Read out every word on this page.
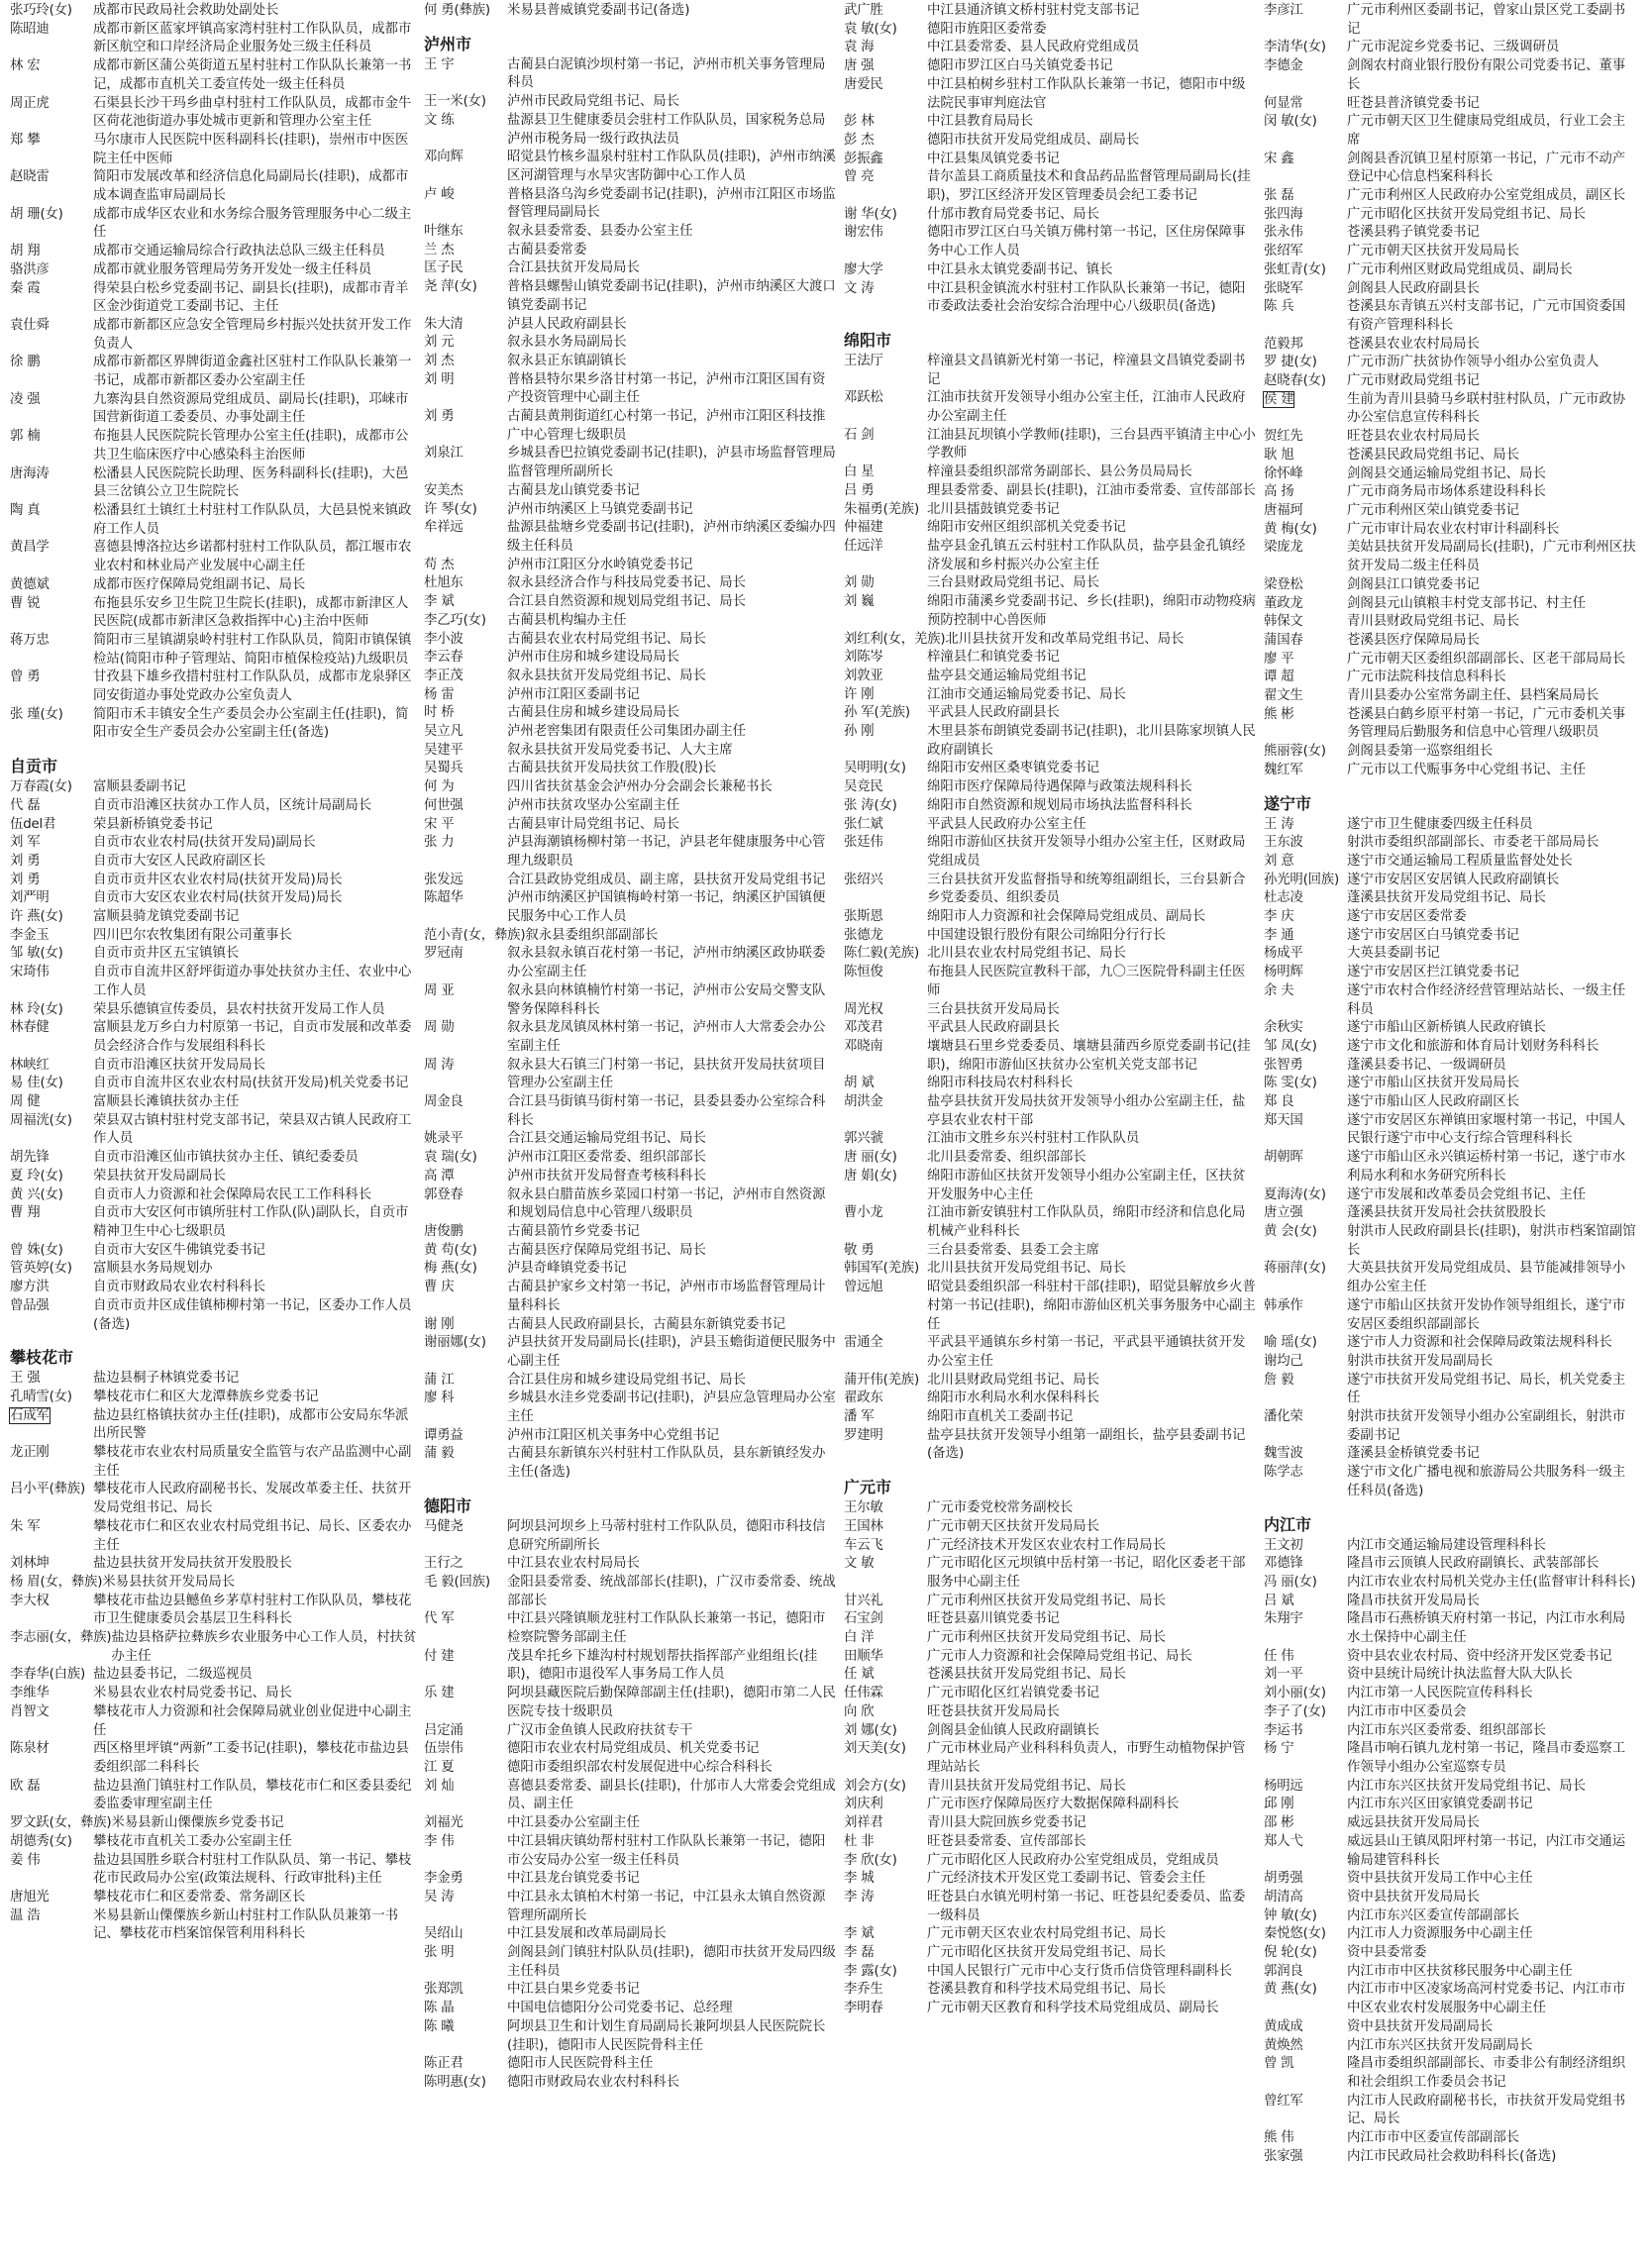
张巧玲(女)	成都市民政局社会救助处副处长
陈昭迪	成都市新区蓝家坪镇高家湾村驻村工作队队员，成都市新区航空和口岸经济局企业服务处三级主任科员
林 宏	成都市新区蒲公英街道五星村驻村工作队队长兼第一书记，成都市直机关工委宣传处一级主任科员
周正虎	石渠县长沙干玛乡曲卓村驻村工作队队员，成都市金牛区荷花池街道办事处城市更新和管理办公室主任
郑 攀	马尔康市人民医院中医科副科长(挂职)，崇州市中医医院主任中医师
赵晓雷	简阳市发展改革和经济信息化局副局长(挂职)，成都市成本调查监审局副局长
胡 珊(女)	成都市成华区农业和水务综合服务管理服务中心二级主任
胡 翔	成都市交通运输局综合行政执法总队三级主任科员
骆洪彦	成都市就业服务管理局劳务开发处一级主任科员
秦 霞	得荣县白松乡党委副书记、副县长(挂职)，成都市青羊区金沙街道党工委副书记、主任
袁仕舜	成都市新都区应急安全管理局乡村振兴处扶贫开发工作负责人
徐 鹏	成都市新都区界牌街道金鑫社区驻村工作队队长兼第一书记，成都市新都区委办公室副主任
凌 强	九寨沟县自然资源局党组成员、副局长(挂职)，邛崃市国营新街道工委委员、办事处副主任
郭 楠	布拖县人民医院院长管理办公室主任(挂职)，成都市公共卫生临床医疗中心感染科主治医师
唐海涛	松潘县人民医院院长助理、医务科副科长(挂职)，大邑县三岔镇公立卫生院院长
陶 真	松潘县红土镇红土村驻村工作队队员，大邑县悦来镇政府工作人员
黄昌学	喜德县博洛拉达乡诺都村驻村工作队队员，都江堰市农业农村和林业局产业发展中心副主任
黄德斌	成都市医疗保障局党组副书记、局长
曹 锐	布拖县乐安乡卫生院卫生院长(挂职)，成都市新津区人民医院(成都市新津区急救指挥中心)主治中医师
蒋万忠	简阳市三星镇湖泉岭村驻村工作队队员，简阳市镇保镇检站(简阳市种子管理站、简阳市植保检疫站)九级职员
曾 勇	甘孜县下雄乡孜措村驻村工作队队员，成都市龙泉驿区同安街道办事处党政办公室负责人
张 瑾(女)	简阳市禾丰镇安全生产委员会办公室副主任(挂职)，简阳市安全生产委员会办公室副主任(备选)
自贡市
万春霞(女)	富顺县委副书记
代 磊	自贡市沿滩区扶贫办工作人员，区统计局副局长
伍del君	荣县新桥镇党委书记
刘 军	自贡市农业农村局(扶贫开发局)副局长
刘 勇	自贡市大安区人民政府副区长
刘 勇	自贡市贡井区农业农村局(扶贫开发局)局长
刘严明	自贡市大安区农业农村局(扶贫开发局)局长
许 燕(女)	富顺县骑龙镇党委副书记
李金玉	四川巴尔农牧集团有限公司董事长
邹 敏(女)	自贡市贡井区五宝镇镇长
宋琦伟	自贡市自流井区舒坪街道办事处扶贫办主任、农业中心工作人员
林 玲(女)	荣县乐德镇宣传委员，县农村扶贫开发局工作人员
林春健	富顺县龙万乡白力村原第一书记，自贡市发展和改革委员会经济合作与发展组科科长
林峡红	自贡市沿滩区扶贫开发局局长
易 佳(女)	自贡市自流井区农业农村局(扶贫开发局)机关党委书记
周 健	富顺县长滩镇扶贫办主任
周福洸(女)	荣县双古镇村驻村党支部书记，荣县双古镇人民政府工作人员
胡先锋	自贡市沿滩区仙市镇扶贫办主任、镇纪委委员
夏 玲(女)	荣县扶贫开发局副局长
黄 兴(女)	自贡市人力资源和社会保障局农民工工作科科长
曹 翔	自贡市大安区何市镇所驻村工作队(队)副队长，自贡市精神卫生中心七级职员
曾 姝(女)	自贡市大安区牛佛镇党委书记
管英婷(女)	富顺县水务局规划办
廖方洪	自贡市财政局农业农村科科长
曾品强	自贡市贡井区成佳镇柿柳村第一书记，区委办工作人员(备选)
攀枝花市
王 强	盐边县桐子林镇党委书记
孔晴雪(女)	攀枝花市仁和区大龙潭彝族乡党委书记
石成军	盐边县红格镇扶贫办主任(挂职)，成都市公安局东华派出所民警
龙正刚	攀枝花市农业农村局质量安全监管与农产品监测中心副主任
吕小平(彝族) 攀枝花市人民政府副秘书长、发展改革委主任、扶贫开发局党组书记、局长
朱 军	攀枝花市仁和区农业农村局党组书记、局长、区委农办主任
刘林坤	盐边县扶贫开发局扶贫开发股股长
杨 眉(女，彝族) 米易县扶贫开发局局长
李大权	攀枝花市盐边县鳡鱼乡茅草村驻村工作队队员，攀枝花市卫生健康委员会基层卫生科科长
李志丽(女，彝族) 盐边县格萨拉彝族乡农业服务中心工作人员，村扶贫办主任
李春华(白族) 盐边县委书记，二级巡视员
李维华	米易县农业农村局党委书记、局长
肖智文	攀枝花市人力资源和社会保障局就业创业促进中心副主任
陈泉材	西区格里坪镇“两新”工委书记(挂职)，攀枝花市盐边县委组织部二科科长
欧 磊	盐边县渔门镇驻村工作队员，攀枝花市仁和区委县委纪委监委审理室副主任
罗文跃(女，彝族) 米易县新山傈僳族乡党委书记
胡德秀(女)	攀枝花市直机关工委办公室副主任
姜 伟	盐边县国胜乡联合村驻村工作队队员、第一书记、攀枝花市民政局办公室(政策法规科、行政审批科)主任
唐旭光	攀枝花市仁和区委常委、常务副区长
温 浩	米易县新山傈僳族乡新山村驻村工作队队员兼第一书记、攀枝花市档案馆保管利用科科长
何 勇(彝族)	米易县普威镇党委副书记(备选)
泸州市
王 宇	古蔺县白泥镇沙坝村第一书记，泸州市机关事务管理局科员
王一米(女)	泸州市民政局党组书记、局长
文 练	盐源县卫生健康委员会驻村工作队队员，国家税务总局泸州市税务局一级行政执法员
邓向辉	昭觉县竹核乡温泉村驻村工作队队员(挂职)，泸州市纳溪区河湖管理与水旱灾害防御中心工作人员
卢 峻	普格县洛乌沟乡党委副书记(挂职)，泸州市江阳区市场监督管理局副局长
叶继东	叙永县委常委、县委办公室主任
兰 杰	古蔺县委常委
匡子民	合江县扶贫开发局局长
尧 萍(女)	普格县螺髻山镇党委副书记(挂职)，泸州市纳溪区大渡口镇党委副书记
朱大清	泸县人民政府副县长
刘 元	叙永县水务局副局长
刘 杰	叙永县正东镇副镇长
刘 明	普格县特尔果乡洛甘村第一书记，泸州市江阳区国有资产投资管理中心副主任
刘 勇	古蔺县黄荆街道红心村第一书记，泸州市江阳区科技推广中心管理七级职员
刘泉江	乡城县香巴拉镇党委副书记(挂职)，泸县市场监督管理局监督管理所副所长
安美杰	古蔺县龙山镇党委书记
许 琴(女)	泸州市纳溪区上马镇党委副书记
牟祥远	盐源县盐塘乡党委副书记(挂职)，泸州市纳溪区委编办四级主任科员
苟 杰	泸州市江阳区分水岭镇党委书记
杜旭东	叙永县经济合作与科技局党委书记、局长
李 斌	合江县自然资源和规划局党组书记、局长
李乙巧(女)	古蔺县机构编办主任
李小波	古蔺县农业农村局党组书记、局长
李云春	泸州市住房和城乡建设局局长
李正茂	叙永县扶贫开发局党组书记、局长
杨 雷	泸州市江阳区委副书记
时 桥	古蔺县住房和城乡建设局局长
吴立凡	泸州老窖集团有限责任公司集团办副主任
吴建平	叙永县扶贫开发局党委书记、人大主席
吴蜀兵	古蔺县扶贫开发局扶贫工作股(股)长
何 为	四川省扶贫基金会泸州办分会副会长兼秘书长
何世强	泸州市扶贫攻坚办公室副主任
宋 平	古蔺县审计局党组书记、局长
张 力	泸县海潮镇杨柳村第一书记，泸县老年健康服务中心管理九级职员
张发远	合江县政协党组成员、副主席，县扶贫开发局党组书记
陈超华	泸州市纳溪区护国镇梅岭村第一书记，纳溪区护国镇便民服务中心工作人员
范小青(女，彝族) 叙永县委组织部副部长
罗冠南	叙永县叙永镇百花村第一书记，泸州市纳溪区政协联委办公室副主任
周 亚	叙永县向林镇楠竹村第一书记，泸州市公安局交警支队警务保障科科长
周 勋	叙永县龙凤镇凤林村第一书记，泸州市人大常委会办公室副主任
周 涛	叙永县大石镇三门村第一书记，县扶贫开发局扶贫项目管理办公室副主任
周金良	合江县马街镇马街村第一书记，县委县委办公室综合科科长
姚录平	合江县交通运输局党组书记、局长
袁 瑞(女)	泸州市江阳区委常委、组织部部长
高 潭	泸州市扶贫开发局督查考核科科长
郭登春	叙永县白腊苗族乡菜园口村第一书记，泸州市自然资源和规划局信息中心管理八级职员
唐俊鹏	古蔺县箭竹乡党委书记
黄 苟(女)	古蔺县医疗保障局党组书记、局长
梅 燕(女)	泸县奇峰镇党委书记
曹 庆	古蔺县护家乡文村第一书记，泸州市市场监督管理局计量科科长
谢 刚	古蔺县人民政府副县长，古蔺县东新镇党委书记
谢丽娜(女)	泸县扶贫开发局副局长(挂职)，泸县玉蟾街道便民服务中心副主任
蒲 江	合江县住房和城乡建设局党组书记、局长
廖 科	乡城县水洼乡党委副书记(挂职)，泸县应急管理局办公室主任
谭勇益	泸州市江阳区机关事务中心党组书记
蒲 毅	古蔺县东新镇东兴村驻村工作队队员，县东新镇经发办主任(备选)
德阳市
马健尧	阿坝县河坝乡上马蒂村驻村工作队队员，德阳市科技信息研究所副所长
王行之	中江县农业农村局局长
毛 毅(回族)	金阳县委常委、统战部部长(挂职)，广汉市委常委、统战部部长
代 军	中江县兴隆镇顺龙驻村工作队队长兼第一书记，德阳市检察院警务部副主任
付 建	茂县牟托乡下雄沟村村规划帮扶指挥部产业组组长(挂职)，德阳市退役军人事务局工作人员
乐 建	阿坝县藏医院后勤保障部副主任(挂职)，德阳市第二人民医院专技十级职员
吕定涌	广汉市金鱼镇人民政府扶贫专干
伍崇伟	德阳市农业农村局党组成员、机关党委书记
江 夏	德阳市委组织部农村发展促进中心综合科科长
刘 灿	喜德县委常委、副县长(挂职)，什邡市人大常委会党组成员、副主任
刘福光	中江县委办公室副主任
李 伟	中江县辑庆镇幼帮村驻村工作队队长兼第一书记，德阳市公安局办公室一级主任科员
李金勇	中江县龙台镇党委书记
吴 涛	中江县永太镇柏木村第一书记，中江县永太镇自然资源管理所副所长
吴绍山	中江县发展和改革局副局长
张 明	剑阁县剑门镇驻村队队员(挂职)，德阳市扶贫开发局四级主任科员
张郑凯	中江县白果乡党委书记
陈 晶	中国电信德阳分公司党委书记、总经理
陈 曦	阿坝县卫生和计划生育局副局长兼阿坝县人民医院院长(挂职)，德阳市人民医院骨科主任
陈正君	德阳市人民医院骨科主任
陈明惠(女)	德阳市财政局农业农村科科长
武广胜	中江县通济镇文桥村驻村党支部书记
袁 敏(女)	德阳市旌阳区委常委
袁 海	中江县委常委、县人民政府党组成员
唐 强	德阳市罗江区白马关镇党委书记
唐爱民	中江县柏树乡驻村工作队队长兼第一书记，德阳市中级法院民事审判庭法官
彭 林	中江县教育局局长
彭 杰	德阳市扶贫开发局党组成员、副局长
彭振鑫	中江县集凤镇党委书记
曾 亮	昔尔盖县工商质量技术和食品药品监督管理局副局长(挂职)，罗江区经济开发区管理委员会纪工委书记
谢 华(女)	什邡市教育局党委书记、局长
谢宏伟	德阳市罗江区白马关镇万佛村第一书记，区住房保障事务中心工作人员
廖大学	中江县永太镇党委副书记、镇长
文 涛	中江县积金镇流水村驻村工作队队长兼第一书记，德阳市委政法委社会治安综合治理中心八级职员(备选)
绵阳市
王法厅	梓潼县文昌镇新光村第一书记，梓潼县文昌镇党委副书记
邓跃松	江油市扶贫开发领导小组办公室主任，江油市人民政府办公室副主任
石 剑	江油县瓦坝镇小学教师(挂职)，三台县西平镇清主中心小学教师
白 星	梓潼县委组织部常务副部长、县公务员局局长
吕 勇	理县委常委、副县长(挂职)，江油市委常委、宣传部部长
朱福勇(羌族) 北川县擂鼓镇党委书记
仲福建	绵阳市安州区组织部机关党委书记
任远洋	盐亭县金孔镇五云村驻村工作队队员，盐亭县金孔镇经济发展和乡村振兴办公室主任
刘 勋	三台县财政局党组书记、局长
刘 巍	绵阳市蒲溪乡党委副书记、乡长(挂职)，绵阳市动物疫病预防控制中心兽医师
刘红利(女，羌族) 北川县扶贫开发和改革局党组书记、局长
刘陈岑	梓潼县仁和镇党委书记
刘敦亚	盐亭县交通运输局党组书记
许 刚	江油市交通运输局党委书记、局长
孙 军(羌族)	平武县人民政府副县长
孙 刚	木里县茶布朗镇党委副书记(挂职)，北川县陈家坝镇人民政府副镇长
吴明明(女)	绵阳市安州区桑枣镇党委书记
吴竞民	绵阳市医疗保障局待遇保障与政策法规科科长
张 涛(女)	绵阳市自然资源和规划局市场执法监督科科长
张仁斌	平武县人民政府办公室主任
张廷伟	绵阳市游仙区扶贫开发领导小组办公室主任，区财政局党组成员
张绍兴	三台县扶贫开发监督指导和统筹组副组长，三台县新合乡党委委员、组织委员
张斯恩	绵阳市人力资源和社会保障局党组成员、副局长
张德龙	中国建设银行股份有限公司绵阳分行行长
陈仁毅(羌族) 北川县农业农村局党组书记、局长
陈恒俊	布拖县人民医院宣教科干部，九〇三医院骨科副主任医师
周光权	三台县扶贫开发局局长
邓茂君	平武县人民政府副县长
邓晓南	壤塘县石里乡党委委员、壤塘县蒲西乡原党委副书记(挂职)，绵阳市游仙区扶贫办公室机关党支部书记
胡 斌	绵阳市科技局农村科科长
胡洪金	盐亭县扶贫开发局扶贫开发领导小组办公室副主任，盐亭县农业农村干部
郭兴虢	江油市文胜乡东兴村驻村工作队队员
唐 丽(女)	北川县委常委、组织部部长
唐 娟(女)	绵阳市游仙区扶贫开发领导小组办公室副主任，区扶贫开发服务中心主任
曹小龙	江油市新安镇驻村工作队队员，绵阳市经济和信息化局机械产业科科长
敬 勇	三台县委常委、县委工会主席
韩国军(羌族) 北川县扶贫开发局党组书记、局长
曾远旭	昭觉县委组织部一科驻村干部(挂职)，昭觉县解放乡火普村第一书记(挂职)，绵阳市游仙区机关事务服务中心副主任
雷通全	平武县平通镇东乡村第一书记，平武县平通镇扶贫开发办公室主任
蒲开伟(羌族) 北川县财政局党组书记、局长
翟政东	绵阳市水利局水利水保科科长
潘 军	绵阳市直机关工委副书记
罗建明	盐亭县扶贫开发领导小组第一副组长，盐亭县委副书记(备选)
广元市
王尔敏	广元市委党校常务副校长
王国林	广元市朝天区扶贫开发局局长
车云飞	广元经济技术开发区农业农村工作局局长
文 敏	广元市昭化区元坝镇中岳村第一书记，昭化区委老干部服务中心副主任
甘兴礼	广元市利州区扶贫开发局党组书记、局长
石宝剑	旺苍县嘉川镇党委书记
白 洋	广元市利州区扶贫开发局党组书记、局长
田顺华	广元市人力资源和社会保障局党组书记、局长
任 斌	苍溪县扶贫开发局党组书记、局长
任伟霖	广元市昭化区红岩镇党委书记
向 欣	旺苍县扶贫开发局局长
刘 娜(女)	剑阁县金仙镇人民政府副镇长
刘天美(女)	广元市林业局产业科科科负责人，市野生动植物保护管理站站长
刘会方(女)	青川县扶贫开发局党组书记、局长
刘庆利	广元市医疗保障局医疗大数据保障科副科长
刘祥君	青川县大院回族乡党委书记
杜 非	旺苍县委常委、宣传部部长
李 欣(女)	广元市昭化区人民政府办公室党组成员，党组成员
李 城	广元经济技术开发区党工委副书记、管委会主任
李 涛	旺苍县白水镇光明村第一书记、旺苍县纪委委员、监委一级科员
李 斌	广元市朝天区农业农村局党组书记、局长
李 磊	广元市昭化区扶贫开发局党组书记、局长
李 露(女)	中国人民银行广元市中心支行货币信贷管理科副科长
李乔生	苍溪县教育和科学技术局党组书记、局长
李明春	广元市朝天区教育和科学技术局党组成员、副局长
李彦江	广元市利州区委副书记，曾家山景区党工委副书记
李清华(女)	广元市泥淀乡党委书记、三级调研员
李德金	剑阁农村商业银行股份有限公司党委书记、董事长
何显常	旺苍县普济镇党委书记
闵 敏(女)	广元市朝天区卫生健康局党组成员，行业工会主席
宋 鑫	剑阁县香沉镇卫星村原第一书记，广元市不动产登记中心信息档案科科长
张 磊	广元市利州区人民政府办公室党组成员，副区长
张四海	广元市昭化区扶贫开发局党组书记、局长
张永伟	苍溪县鸦子镇党委书记
张绍军	广元市朝天区扶贫开发局局长
张虹青(女)	广元市利州区财政局党组成员、副局长
张晓军	剑阁县人民政府副县长
陈 兵	苍溪县东青镇五兴村支部书记，广元市国资委国有资产管理科科长
范毅邦	苍溪县农业农村局局长
罗 捷(女)	广元市沥广扶贫协作领导小组办公室负责人
赵晓春(女)	广元市财政局党组书记
侯 建	生前为青川县骑马乡联村驻村队员，广元市政协办公室信息宣传科科长
贺红先	旺苍县农业农村局局长
耿 旭	苍溪县民政局党组书记、局长
徐怀峰	剑阁县交通运输局党组书记、局长
高 扬	广元市商务局市场体系建设科科长
唐福珂	广元市利州区荣山镇党委书记
黄 梅(女)	广元市审计局农业农村审计科副科长
梁庞龙	美姑县扶贫开发局副局长(挂职)，广元市利州区扶贫开发局二级主任科员
梁登松	剑阁县江口镇党委书记
董政龙	剑阁县元山镇粮丰村党支部书记、村主任
韩保文	青川县财政局党组书记、局长
蒲国春	苍溪县医疗保障局局长
廖 平	广元市朝天区委组织部副部长、区老干部局局长
谭 超	广元市法院科技信息科科长
翟文生	青川县委办公室常务副主任、县档案局局长
熊 彬	苍溪县白鹤乡原平村第一书记，广元市委机关事务管理局后勤服务和信息中心管理八级职员
熊丽蓉(女)	剑阁县委第一巡察组组长
魏红军	广元市以工代赈事务中心党组书记、主任
遂宁市
王 涛	遂宁市卫生健康委四级主任科员
王东波	射洪市委组织部副部长、市委老干部局局长
刘 意	遂宁市交通运输局工程质量监督处处长
孙光明(回族) 遂宁市安居区安居镇人民政府副镇长
杜志凌	蓬溪县扶贫开发局党组书记、局长
李 庆	遂宁市安居区委常委
李 通	遂宁市安居区白马镇党委书记
杨成平	大英县委副书记
杨明辉	遂宁市安居区拦江镇党委书记
余 夫	遂宁市农村合作经济经营管理站站长、一级主任科员
余秋实	遂宁市船山区新桥镇人民政府镇长
邹 凤(女)	遂宁市文化和旅游和体育局计划财务科科长
张智勇	蓬溪县委书记、一级调研员
陈 雯(女)	遂宁市船山区扶贫开发局局长
郑 良	遂宁市船山区人民政府副区长
郑天国	遂宁市安居区东禅镇田家堰村第一书记，中国人民银行遂宁市中心支行综合管理科科长
胡朝晖	遂宁市船山区永兴镇运桥村第一书记，遂宁市水利局水利和水务研究所科长
夏海涛(女)	遂宁市发展和改革委员会党组书记、主任
唐立强	蓬溪县扶贫开发局社会扶贫股股长
黄 会(女)	射洪市人民政府副县长(挂职)，射洪市档案馆副馆长
蒋丽萍(女)	大英县扶贫开发局党组成员、县节能减排领导小组办公室主任
韩承作	遂宁市船山区扶贫开发协作领导组组长，遂宁市安居区委组织部副部长
喻 瑶(女)	遂宁市人力资源和社会保障局政策法规科科长
谢均己	射洪市扶贫开发局副局长
詹 毅	遂宁市扶贫开发局党组书记、局长，机关党委主任
潘化荣	射洪市扶贫开发领导小组办公室副组长，射洪市委副书记
魏雪波	蓬溪县金桥镇党委书记
陈学志	遂宁市文化广播电视和旅游局公共服务科一级主任科员(备选)
内江市
王文初	内江市交通运输局建设管理科科长
邓德锋	隆昌市云顶镇人民政府副镇长、武装部部长
冯 丽(女)	内江市农业农村局机关党办主任(监督审计科科长)
吕 斌	隆昌市扶贫开发局局长
朱翔宇	隆昌市石燕桥镇天府村第一书记，内江市水利局水土保持中心副主任
任 伟	资中县农业农村局、资中经济开发区党委书记
刘一平	资中县统计局统计执法监督大队大队长
刘小丽(女)	内江市第一人民医院宣传科科长
李子了(女)	内江市市中区委员会
李运书	内江市东兴区委常委、组织部部长
杨 宁	隆昌市响石镇九龙村第一书记，隆昌市委巡察工作领导小组办公室巡察专员
杨明远	内江市东兴区扶贫开发局党组书记、局长
邱 刚	内江市东兴区田家镇党委副书记
邵 彬	威远县扶贫开发局局长
郑人弋	威远县山王镇凤阳坪村第一书记，内江市交通运输局建管科科长
胡勇强	资中县扶贫开发局工作中心主任
胡清高	资中县扶贫开发局局长
钟 敏(女)	内江市东兴区委宣传部副部长
秦悦悠(女)	内江市人力资源服务中心副主任
倪 轮(女)	资中县委常委
郭润良	内江市市中区扶贫移民服务中心副主任
黄 燕(女)	内江市市中区凌家场高河村党委书记、内江市市中区农业农村发展服务中心副主任
黄成成	资中县扶贫开发局副局长
黄焕然	内江市东兴区扶贫开发局副局长
曾 凯	隆昌市委组织部副部长、市委非公有制经济组织和社会组织工作委员会书记
曾红军	内江市人民政府副秘书长，市扶贫开发局党组书记、局长
熊 伟	内江市市中区委宣传部副部长
张家强	内江市民政局社会救助科科长(备选)
